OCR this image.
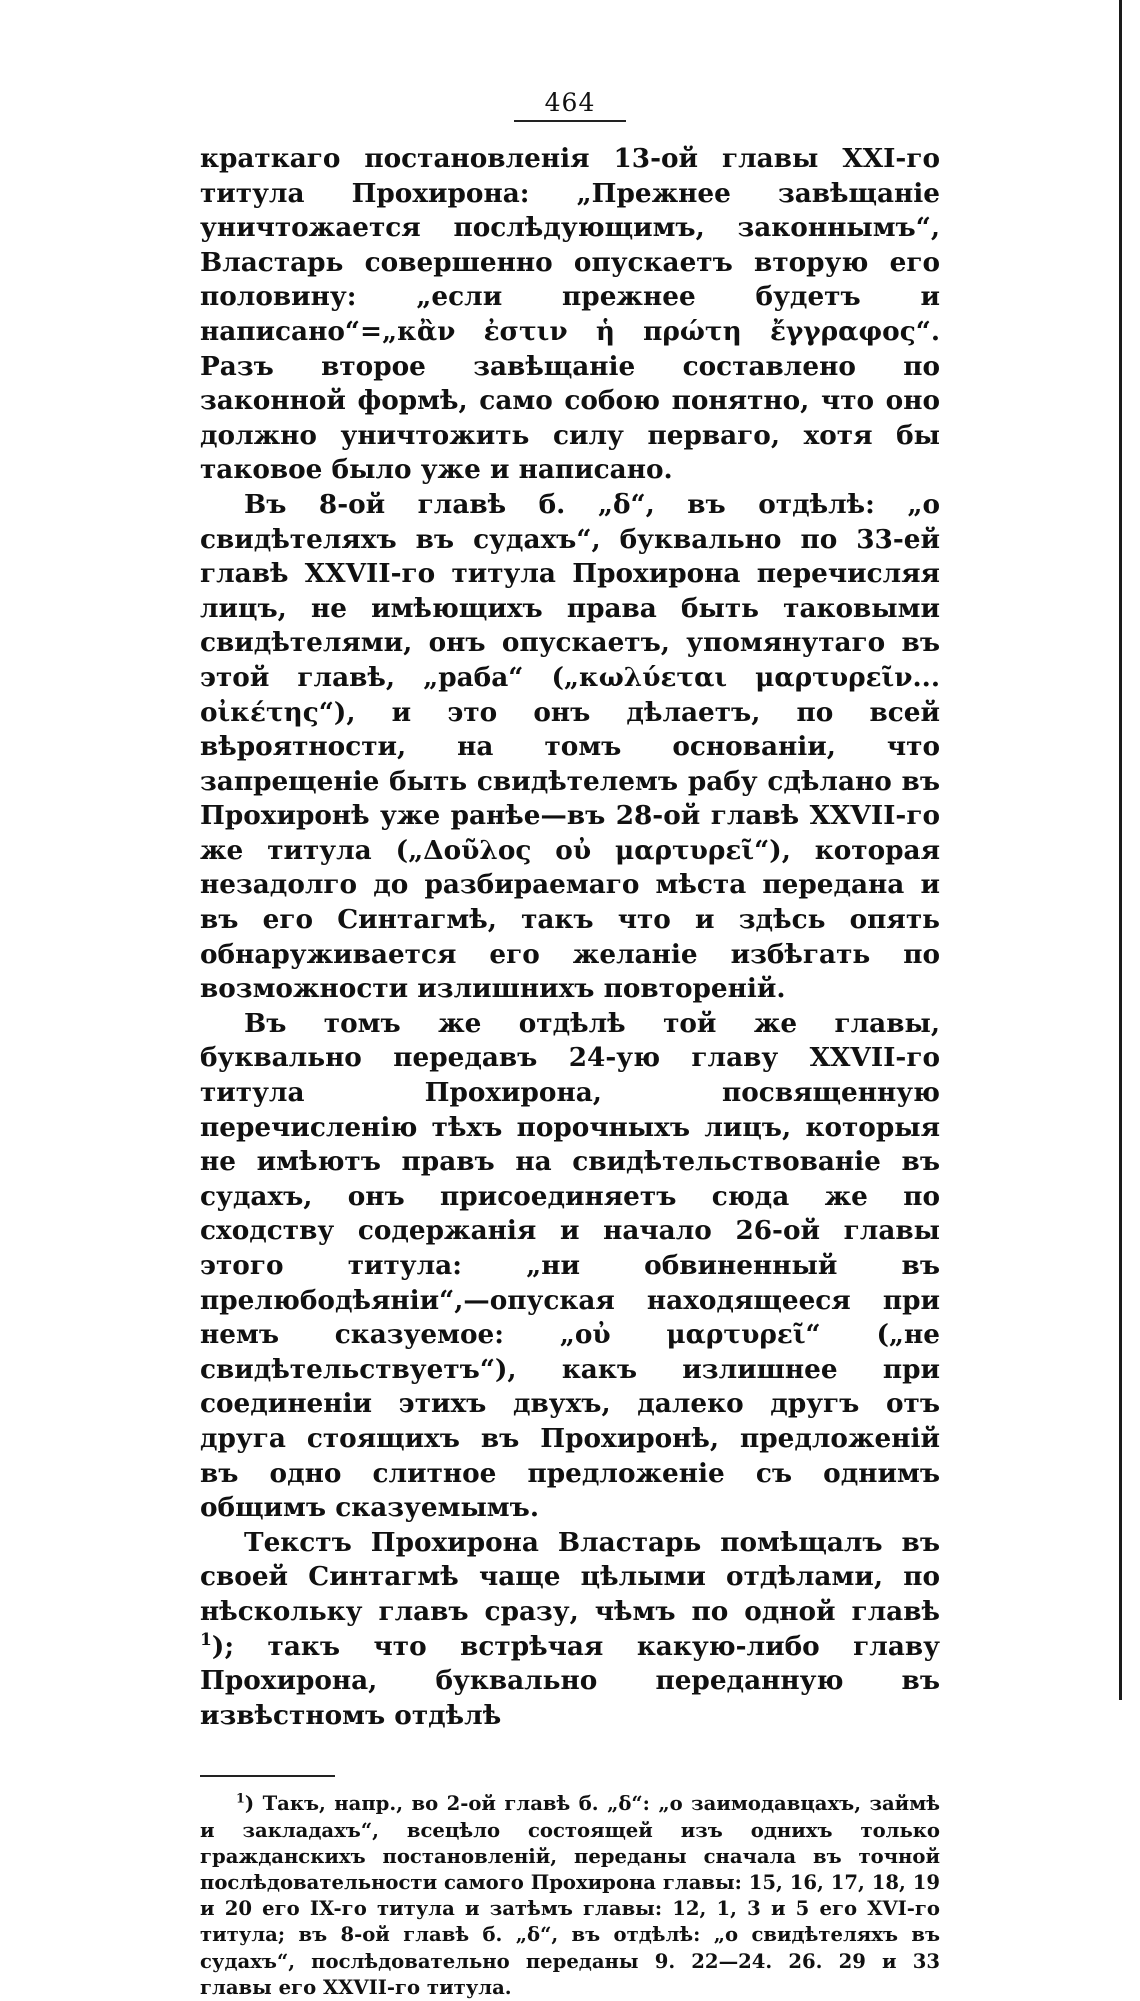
464

краткаго постановленія 13-ой главы XXI-го титула Прохирона: „Прежнее завѣщаніе уничтожается послѣдующимъ, законнымъ“, Властарь совершенно опускаетъ вторую его половину: „если прежнее будетъ и написано“=„κἂν ἐστιν ἡ πρώτη ἔγγραφος“. Разъ второе завѣщаніе составлено по законной формѣ, само собою понятно, что оно должно уничтожить силу перваго, хотя бы таковое было уже и написано.

Въ 8-ой главѣ б. „δ“, въ отдѣлѣ: „о свидѣтеляхъ въ судахъ“, буквально по 33-ей главѣ XXVII-го титула Прохирона перечисляя лицъ, не имѣющихъ права быть таковыми свидѣтелями, онъ опускаетъ, упомянутаго въ этой главѣ, „раба“ („κωλύεται μαρτυρεῖν... οἰκέτης“), и это онъ дѣлаетъ, по всей вѣроятности, на томъ основаніи, что запрещеніе быть свидѣтелемъ рабу сдѣлано въ Прохиронѣ уже ранѣе—въ 28-ой главѣ XXVII-го же титула („Δοῦλος οὐ μαρτυρεῖ“), которая незадолго до разбираемаго мѣста передана и въ его Синтагмѣ, такъ что и здѣсь опять обнаруживается его желаніе избѣгать по возможности излишнихъ повтореній.

Въ томъ же отдѣлѣ той же главы, буквально передавъ 24-ую главу XXVII-го титула Прохирона, посвященную перечисленію тѣхъ порочныхъ лицъ, которыя не имѣютъ правъ на свидѣтельствованіе въ судахъ, онъ присоединяетъ сюда же по сходству содержанія и начало 26-ой главы этого титула: „ни обвиненный въ прелюбодѣяніи“,—опуская находящееся при немъ сказуемое: „οὐ μαρτυρεῖ“ („не свидѣтельствуетъ“), какъ излишнее при соединеніи этихъ двухъ, далеко другъ отъ друга стоящихъ въ Прохиронѣ, предложеній въ одно слитное предложеніе съ однимъ общимъ сказуемымъ.

Текстъ Прохирона Властарь помѣщалъ въ своей Синтагмѣ чаще цѣлыми отдѣлами, по нѣскольку главъ сразу, чѣмъ по одной главѣ $^1$); такъ что встрѣчая какую-либо главу Прохирона, буквально переданную въ извѣстномъ отдѣлѣ

$^1$) Такъ, напр., во 2-ой главѣ б. „δ“: „о заимодавцахъ, займѣ и закладахъ“, всецѣло состоящей изъ однихъ только гражданскихъ постановленій, переданы сначала въ точной послѣдовательности самого Прохирона главы: 15, 16, 17, 18, 19 и 20 его IX-го титула и затѣмъ главы: 12, 1, 3 и 5 его XVI-го титула; въ 8-ой главѣ б. „δ“, въ отдѣлѣ: „о свидѣтеляхъ въ судахъ“, послѣдовательно переданы 9. 22—24. 26. 29 и 33 главы его XXVII-го титула.
